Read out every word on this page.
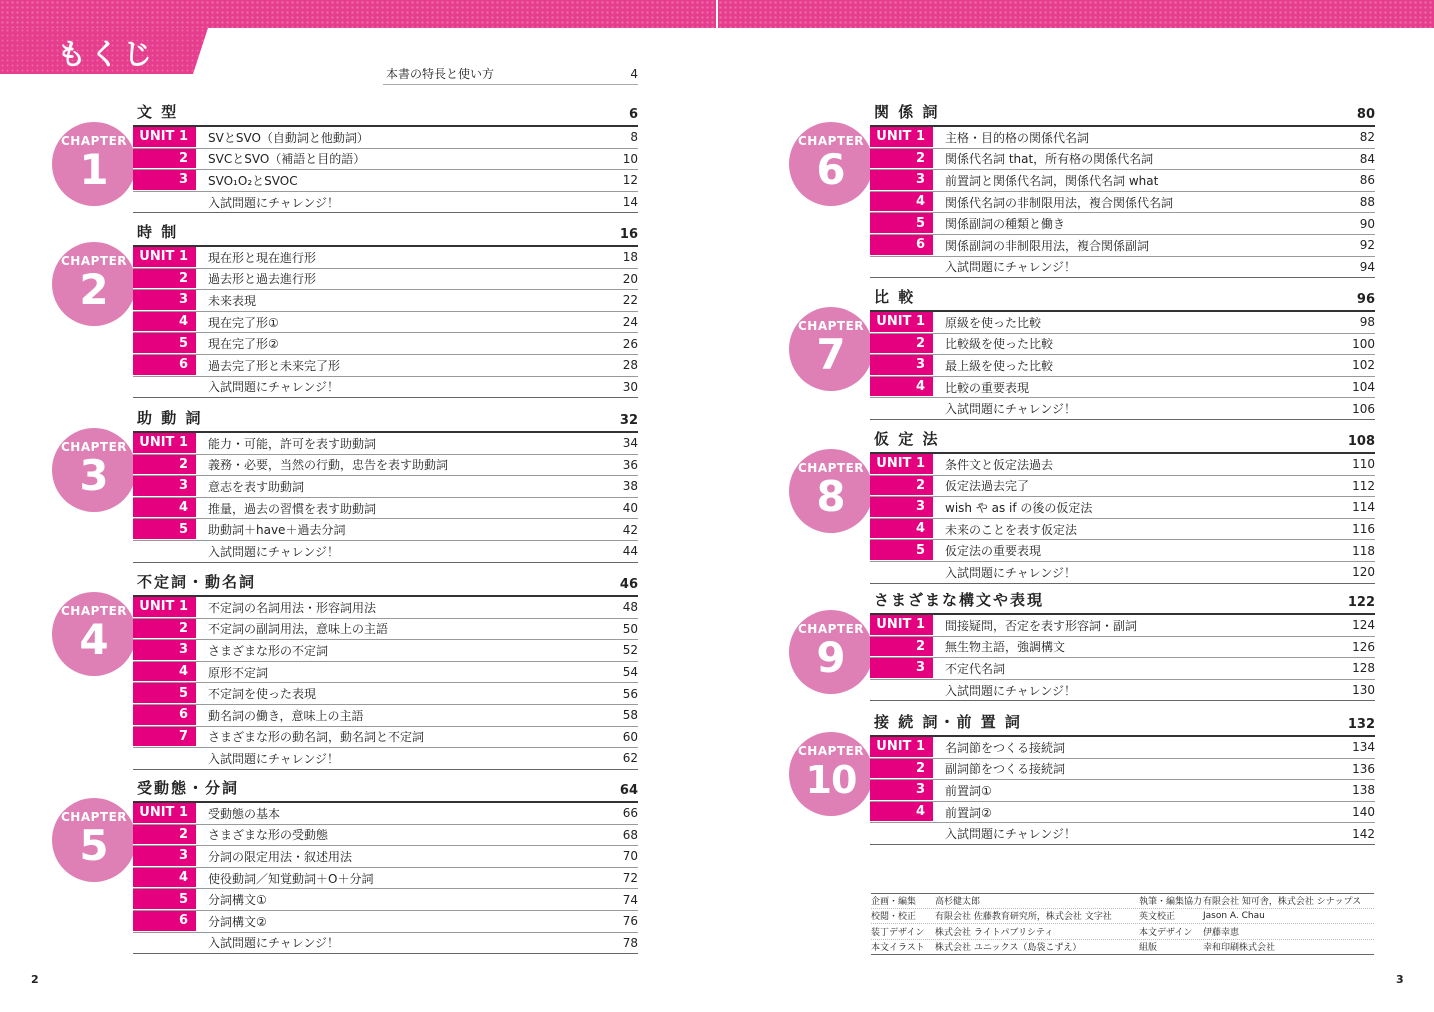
もくじ
本書の特長と使い方	4
CHAPTER
1
文 型	6
UNIT 1	SVとSVO（自動詞と他動詞）	8
2	SVCとSVO（補語と目的語）	10
3	SVO₁O₂とSVOC	12
入試問題にチャレンジ！	14
CHAPTER
2
時 制	16
UNIT 1	現在形と現在進行形	18
2	過去形と過去進行形	20
3	未来表現	22
4	現在完了形①	24
5	現在完了形②	26
6	過去完了形と未来完了形	28
入試問題にチャレンジ！	30
CHAPTER
3
助 動 詞	32
UNIT 1	能力・可能，許可を表す助動詞	34
2	義務・必要，当然の行動，忠告を表す助動詞	36
3	意志を表す助動詞	38
4	推量，過去の習慣を表す助動詞	40
5	助動詞＋have＋過去分詞	42
入試問題にチャレンジ！	44
CHAPTER
4
不定詞・動名詞	46
UNIT 1	不定詞の名詞用法・形容詞用法	48
2	不定詞の副詞用法，意味上の主語	50
3	さまざまな形の不定詞	52
4	原形不定詞	54
5	不定詞を使った表現	56
6	動名詞の働き，意味上の主語	58
7	さまざまな形の動名詞，動名詞と不定詞	60
入試問題にチャレンジ！	62
CHAPTER
5
受動態・分詞	64
UNIT 1	受動態の基本	66
2	さまざまな形の受動態	68
3	分詞の限定用法・叙述用法	70
4	使役動詞／知覚動詞＋O＋分詞	72
5	分詞構文①	74
6	分詞構文②	76
入試問題にチャレンジ！	78
CHAPTER
6
関 係 詞	80
UNIT 1	主格・目的格の関係代名詞	82
2	関係代名詞 that，所有格の関係代名詞	84
3	前置詞と関係代名詞，関係代名詞 what	86
4	関係代名詞の非制限用法，複合関係代名詞	88
5	関係副詞の種類と働き	90
6	関係副詞の非制限用法，複合関係副詞	92
入試問題にチャレンジ！	94
CHAPTER
7
比 較	96
UNIT 1	原級を使った比較	98
2	比較級を使った比較	100
3	最上級を使った比較	102
4	比較の重要表現	104
入試問題にチャレンジ！	106
CHAPTER
8
仮 定 法	108
UNIT 1	条件文と仮定法過去	110
2	仮定法過去完了	112
3	wish や as if の後の仮定法	114
4	未来のことを表す仮定法	116
5	仮定法の重要表現	118
入試問題にチャレンジ！	120
CHAPTER
9
さまざまな構文や表現	122
UNIT 1	間接疑問，否定を表す形容詞・副詞	124
2	無生物主語，強調構文	126
3	不定代名詞	128
入試問題にチャレンジ！	130
CHAPTER
10
接 続 詞・前 置 詞	132
UNIT 1	名詞節をつくる接続詞	134
2	副詞節をつくる接続詞	136
3	前置詞①	138
4	前置詞②	140
入試問題にチャレンジ！	142
企画・編集	高杉健太郎	執筆・編集協力 有限会社 知可舎，株式会社 シナップス
校閲・校正	有限会社 佐藤教育研究所，株式会社 文字社	英文校正	Jason A. Chau
装丁デザイン	株式会社 ライトパブリシティ	本文デザイン	伊藤幸恵
本文イラスト	株式会社 ユニックス（島袋こずえ）	組版	幸和印刷株式会社
2	3
